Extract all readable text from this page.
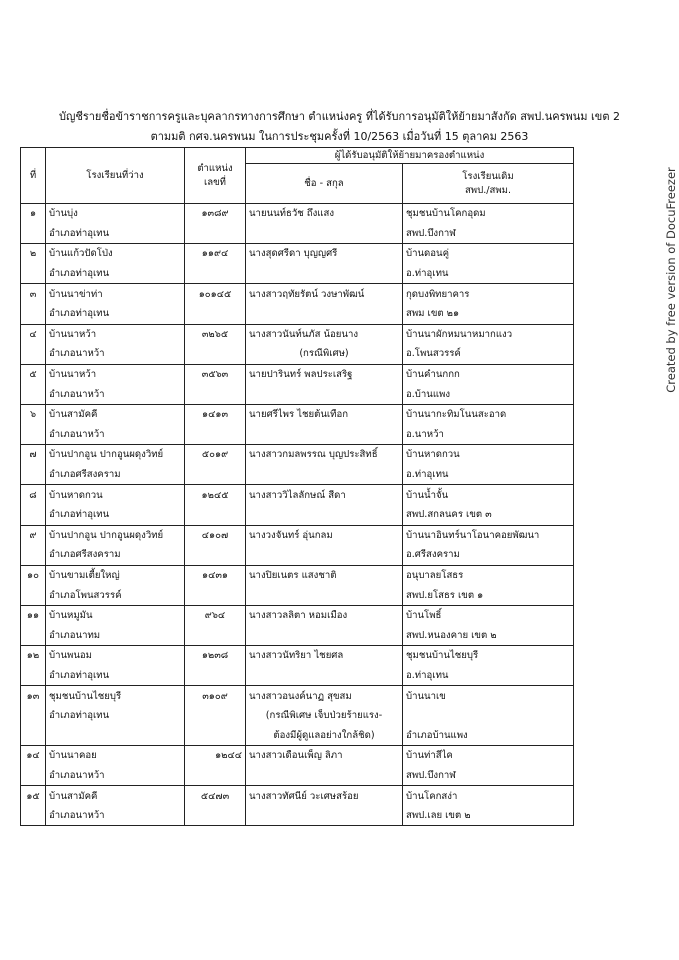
บัญชีรายชื่อข้าราชการครูและบุคลากรทางการศึกษา ตำแหน่งครู ที่ได้รับการอนุมัติให้ย้ายมาสังกัด สพป.นครพนม เขต 2
ตามมติ กศจ.นครพนม ในการประชุมครั้งที่ 10/2563 เมื่อวันที่ 15 ตุลาคม 2563
ที่	โรงเรียนที่ว่าง	ตำแหน่ง
เลขที่	ผู้ได้รับอนุมัติให้ย้ายมาครองตำแหน่ง	
			ชื่อ - สกุล	โรงเรียนเดิม
สพป./สพม.

๑	บ้านบุ่ง	๑๓๘๙	นายนนท์ธวัช ถึงแสง	ชุมชนบ้านโคกอุดม
	อำเภอท่าอุเทน			สพป.บึงกาฬ
๒	บ้านแก้วปัดโป่ง	๑๑๙๔	นางสุดศรีดา บุญญศรี	บ้านดอนคู่
	อำเภอท่าอุเทน			อ.ท่าอุเทน
๓	บ้านนาข่าท่า	๑๐๑๔๕	นางสาวฤทัยรัตน์ วงษาพัฒน์	กุดบงพิทยาคาร
	อำเภอท่าอุเทน			สพม เขต ๒๑
๔	บ้านนาหว้า	๓๒๖๕	นางสาวนันท์นภัส น้อยนาง	บ้านนาผักหมนาหมากแงว
	อำเภอนาหว้า		(กรณีพิเศษ)	อ.โพนสวรรค์
๕	บ้านนาหว้า	๓๕๖๓	นายปารินทร์ พลประเสริฐ	บ้านคำนกกก
	อำเภอนาหว้า			อ.บ้านแพง
๖	บ้านสามัคคี	๑๔๑๓	นายศรีไพร ไชยต้นเทือก	บ้านนากะทิมโนนสะอาด
	อำเภอนาหว้า			อ.นาหว้า
๗	บ้านปากอูน ปากอูนผดุงวิทย์	๕๐๑๙	นางสาวกมลพรรณ บุญประสิทธิ์	บ้านหาดกวน
	อำเภอศรีสงคราม			อ.ท่าอุเทน
๘	บ้านหาดกวน	๑๒๔๕	นางสาววิไลลักษณ์ สีดา	บ้านน้ำจั้น
	อำเภอท่าอุเทน			สพป.สกลนคร เขต ๓
๙	บ้านปากอูน ปากอูนผดุงวิทย์	๔๑๐๗	นางวงจันทร์ อุ่นกลม	บ้านนาอินทร์นาโอนาคอยพัฒนา
	อำเภอศรีสงคราม			อ.ศรีสงคราม
๑๐	บ้านขามเตี้ยใหญ่	๑๔๓๑	นางปิยเนตร แสงชาติ	อนุบาลยโสธร
	อำเภอโพนสวรรค์			สพป.ยโสธร เขต ๑
๑๑	บ้านหมูมัน	๙๖๔	นางสาวลลิตา หอมเมือง	บ้านโพธิ์
	อำเภอนาทม			สพป.หนองคาย เขต ๒
๑๒	บ้านพนอม	๑๒๓๘	นางสาวนัทริยา ไชยศล	ชุมชนบ้านไชยบุรี
	อำเภอท่าอุเทน			อ.ท่าอุเทน
๑๓	ชุมชนบ้านไชยบุรี	๓๑๐๙	นางสาวอนงค์นาฏ สุขสม	บ้านนาเข
	อำเภอท่าอุเทน		(กรณีพิเศษ เจ็บป่วยร้ายแรง-	
			ต้องมีผู้ดูแลอย่างใกล้ชิด)	อำเภอบ้านแพง
๑๔	บ้านนาคอย	๑๒๔๔	นางสาวเดือนเพ็ญ ลิภา	บ้านท่าสีไค
	อำเภอนาหว้า			สพป.บึงกาฬ
๑๕	บ้านสามัคคี	๕๔๗๓	นางสาวทัศนีย์ วะเศษสร้อย	บ้านโคกสง่า
	อำเภอนาหว้า			สพป.เลย เขต ๒
Created by free version of DocuFreezer
